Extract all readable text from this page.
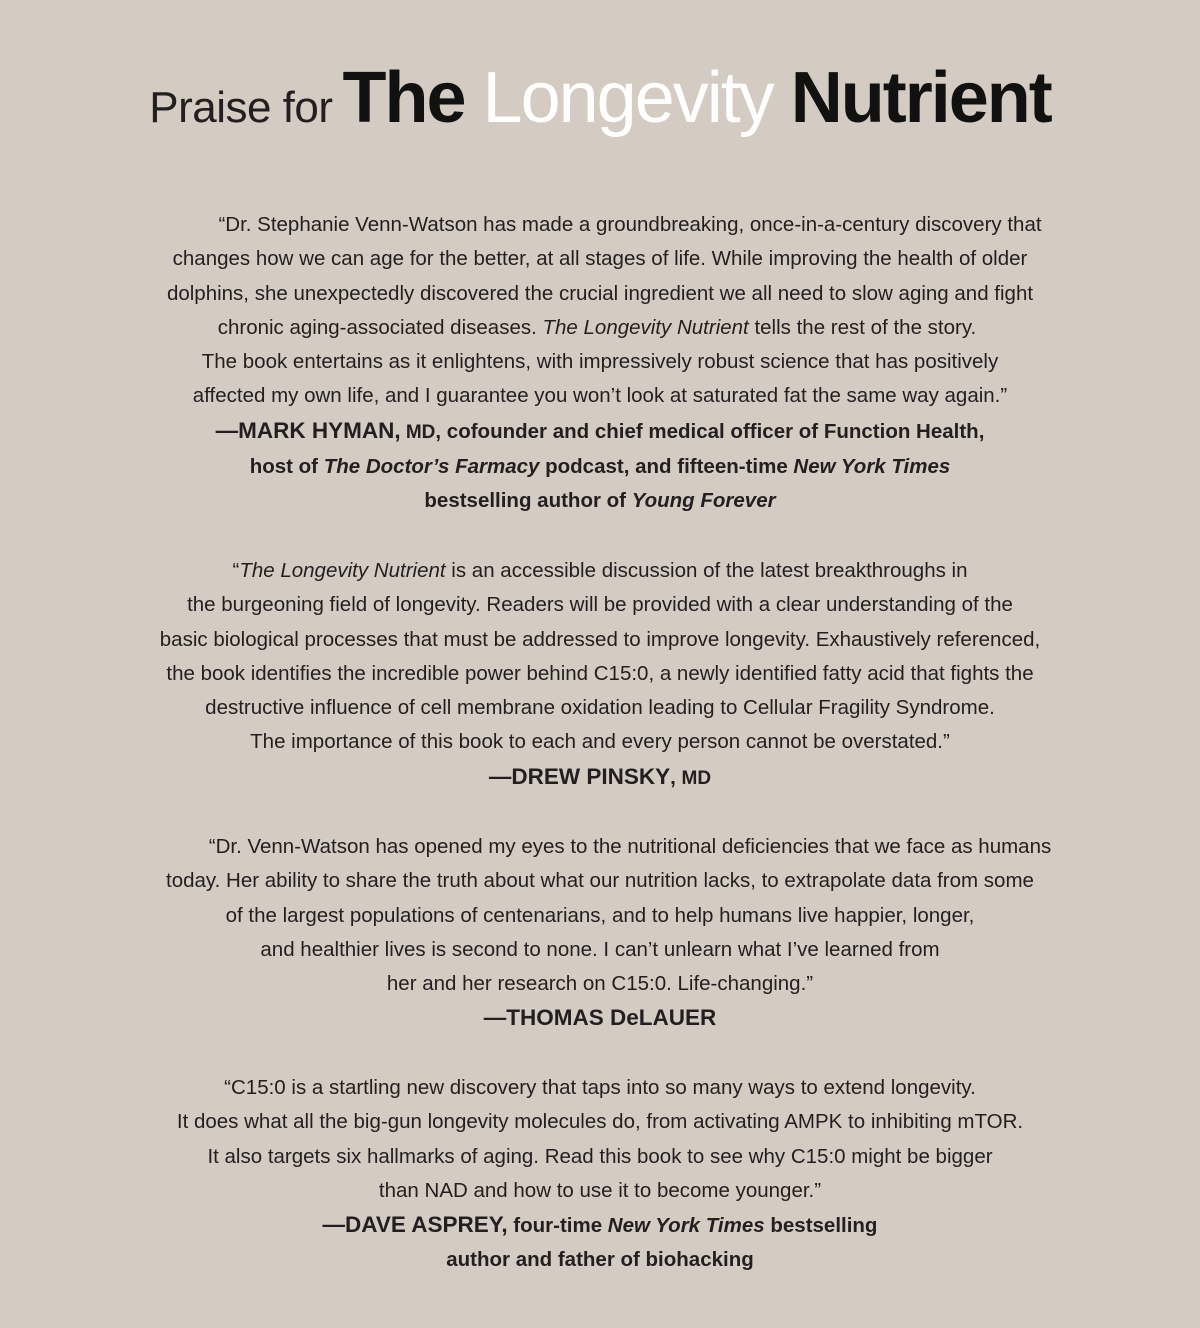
Praise for The Longevity Nutrient
“Dr. Stephanie Venn-Watson has made a groundbreaking, once-in-a-century discovery that
changes how we can age for the better, at all stages of life. While improving the health of older
dolphins, she unexpectedly discovered the crucial ingredient we all need to slow aging and fight
chronic aging-associated diseases. The Longevity Nutrient tells the rest of the story.
The book entertains as it enlightens, with impressively robust science that has positively
affected my own life, and I guarantee you won’t look at saturated fat the same way again.”
—MARK HYMAN, MD, cofounder and chief medical officer of Function Health,
host of The Doctor’s Farmacy podcast, and fifteen-time New York Times
bestselling author of Young Forever
“The Longevity Nutrient is an accessible discussion of the latest breakthroughs in
the burgeoning field of longevity. Readers will be provided with a clear understanding of the
basic biological processes that must be addressed to improve longevity. Exhaustively referenced,
the book identifies the incredible power behind C15:0, a newly identified fatty acid that fights the
destructive influence of cell membrane oxidation leading to Cellular Fragility Syndrome.
The importance of this book to each and every person cannot be overstated.”
—DREW PINSKY, MD
“Dr. Venn-Watson has opened my eyes to the nutritional deficiencies that we face as humans
today. Her ability to share the truth about what our nutrition lacks, to extrapolate data from some
of the largest populations of centenarians, and to help humans live happier, longer,
and healthier lives is second to none. I can’t unlearn what I’ve learned from
her and her research on C15:0. Life-changing.”
—THOMAS DeLAUER
“C15:0 is a startling new discovery that taps into so many ways to extend longevity.
It does what all the big-gun longevity molecules do, from activating AMPK to inhibiting mTOR.
It also targets six hallmarks of aging. Read this book to see why C15:0 might be bigger
than NAD and how to use it to become younger.”
—DAVE ASPREY, four-time New York Times bestselling
author and father of biohacking
